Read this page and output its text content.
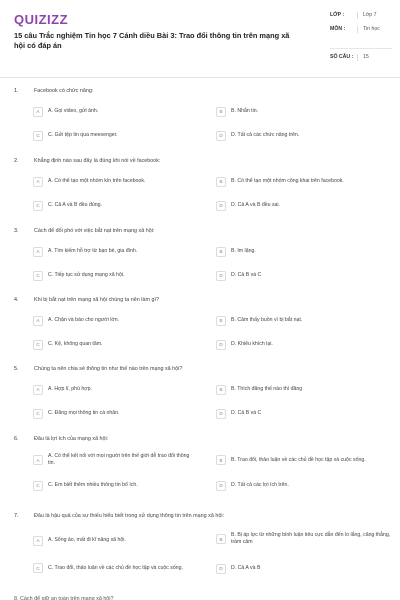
QUIZIZZ
15 câu Trắc nghiệm Tin học 7 Cánh diều Bài 3: Trao đổi thông tin trên mạng xã hội có đáp án
LỚP :	Lớp 7
MÔN :	Tin học
SỐ CÂU :	15
1.	Facebook có chức năng:
A	A. Gọi video, gửi ảnh.	B	B. Nhắn tin.
C	C. Gửi tệp tin qua meesenger.	D	D. Tất cả các chức năng trên.
2.	Khẳng định nào sau đây là đúng khi nói về facebook:
A	A. Có thể tạo một nhóm kín trên facebook.	B	B. Có thể tạo một nhóm công khai trên facebook.
C	C. Cả A và B đều đúng.	D	D. Cả A và B đều sai.
3.	Cách để đối phó với việc bắt nạt trên mạng xã hội:
A	A. Tìm kiếm hỗ trợ từ bạn bè, gia đình.	B	B. Im lặng.
C	C. Tiếp tục sử dụng mạng xã hội.	D	D. Cả B và C
4.	Khi bị bắt nạt trên mạng xã hội chúng ta nên làm gì?
A	A. Chặn và báo cho người lớn.	B	B. Cảm thấy buồn vì bị bắt nạt.
C	C. Kệ, không quan tâm.	D	D. Khiêu khích lại.
5.	Chúng ta nên chia sẻ thông tin như thế nào trên mạng xã hội?
A	A. Hợp lí, phù hợp.	B	B. Thích đăng thế nào thì đăng
C	C. Đăng mọi thông tin cá nhân.	D	D. Cả B và C
6.	Đâu là lợi ích của mạng xã hội:
A
A. Có thể kết nối với mọi người trên thế giới dễ trao đổi thông tin.	B	B. Trao đổi, thảo luận về các chủ đề học tập và cuộc sống.
C	C. Em biết thêm nhiều thông tin bổ ích.	D	D. Tất cả các lợi ích trên.
7.	Đâu là hậu quả của sự thiếu hiểu biết trong sử dụng thông tin trên mạng xã hội:
A	A. Sống ảo, mất đi kĩ năng xã hội.	B
B. Bị áp lực từ những bình luận tiêu cực dẫn đến lo lắng, căng thẳng, trầm cảm
C	C. Trao đổi, thảo luận về các chủ đề học tập và cuộc sống.	D	D. Cả A và B
8. Cách để giữ an toàn trên mạng xã hội?
